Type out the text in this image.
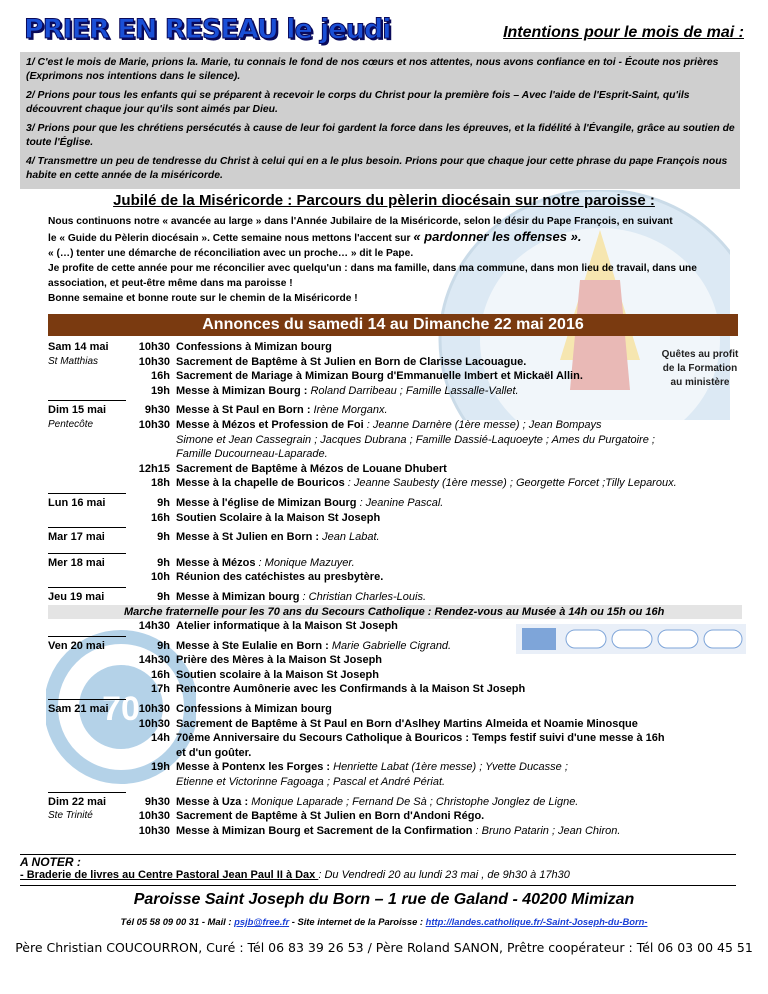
70
PRIER EN RESEAU le jeudi	Intentions pour le mois de mai :

1/ C'est le mois de Marie, prions la. Marie, tu connais le fond de nos cœurs et nos attentes, nous avons confiance en toi - Écoute nos prières (Exprimons nos intentions dans le silence).

2/ Prions pour tous les enfants qui se préparent à recevoir le corps du Christ pour la première fois – Avec l'aide de l'Esprit-Saint, qu'ils découvrent chaque jour qu'ils sont aimés par Dieu.

3/ Prions pour que les chrétiens persécutés à cause de leur foi gardent la force dans les épreuves, et la fidélité à l'Évangile, grâce au soutien de toute l'Église.

4/ Transmettre un peu de tendresse du Christ à celui qui en a le plus besoin. Prions pour que chaque jour cette phrase du pape François nous habite en cette année de la miséricorde.

Jubilé de la Miséricorde : Parcours du pèlerin diocésain sur notre paroisse :

Nous continuons notre « avancée au large » dans l'Année Jubilaire de la Miséricorde, selon le désir du Pape François, en suivant

le « Guide du Pèlerin diocésain ». Cette semaine nous mettons l'accent sur « pardonner les offenses ».

« (…) tenter une démarche de réconciliation avec un proche… » dit le Pape.

Je profite de cette année pour me réconcilier avec quelqu'un : dans ma famille, dans ma commune, dans mon lieu de travail, dans une association, et peut-être même dans ma paroisse !

Bonne semaine et bonne route sur le chemin de la Miséricorde !

Annonces du samedi 14 au Dimanche 22 mai 2016
Quêtes au profit de la Formation au ministère
Sam 14 mai	10h30 Confessions à Mimizan bourg
St Matthias	10h30 Sacrement de Baptême à St Julien en Born de Clarisse Lacouague.
16h Sacrement de Mariage à Mimizan Bourg d'Emmanuelle Imbert et Mickaël Allin.
19h Messe à Mimizan Bourg : Roland Darribeau ; Famille Lassalle-Vallet.
Dim 15 mai	9h30 Messe à St Paul en Born : Irène Morganx.
Pentecôte	10h30 Messe à Mézos et Profession de Foi : Jeanne Darnère (1ère messe) ; Jean Bompays
Simone et Jean Cassegrain ; Jacques Dubrana ; Famille Dassié-Laquoeyte ; Ames du Purgatoire ;
Famille Ducourneau-Laparade.
12h15 Sacrement de Baptême à Mézos de Louane Dhubert
18h Messe à la chapelle de Bouricos : Jeanne Saubesty (1ère messe) ; Georgette Forcet ;Tilly Leparoux.
Lun 16 mai	9h Messe à l'église de Mimizan Bourg : Jeanine Pascal.
16h Soutien Scolaire à la Maison St Joseph
Mar 17 mai	9h Messe à St Julien en Born : Jean Labat.
Mer 18 mai	9h Messe à Mézos : Monique Mazuyer.
10h Réunion des catéchistes au presbytère.
Jeu 19 mai	9h Messe à Mimizan bourg : Christian Charles-Louis.
Marche fraternelle pour les 70 ans du Secours Catholique : Rendez-vous au Musée à 14h ou 15h ou 16h
14h30 Atelier informatique à la Maison St Joseph
Ven 20 mai	9h Messe à Ste Eulalie en Born : Marie Gabrielle Cigrand.
14h30 Prière des Mères à la Maison St Joseph
16h Soutien scolaire à la Maison St Joseph
17h Rencontre Aumônerie avec les Confirmands à la Maison St Joseph
Sam 21 mai	10h30 Confessions à Mimizan bourg
10h30 Sacrement de Baptême à St Paul en Born d'Aslhey Martins Almeida et Noamie Minosque
14h 70ème Anniversaire du Secours Catholique à Bouricos : Temps festif suivi d'une messe à 16h
et d'un goûter.
19h Messe à Pontenx les Forges : Henriette Labat (1ère messe) ; Yvette Ducasse ;
Etienne et Victorinne Fagoaga ; Pascal et André Périat.
Dim 22 mai	9h30 Messe à Uza : Monique Laparade ; Fernand De Sà ; Christophe Jonglez de Ligne.
Ste Trinité	10h30 Sacrement de Baptême à St Julien en Born d'Andoni Régo.
10h30 Messe à Mimizan Bourg et Sacrement de la Confirmation : Bruno Patarin ; Jean Chiron.
A NOTER :
- Braderie de livres au Centre Pastoral Jean Paul II à Dax : Du Vendredi 20 au lundi 23 mai , de 9h30 à 17h30
Paroisse Saint Joseph du Born – 1 rue de Galand - 40200 Mimizan
Tél 05 58 09 00 31 - Mail : psjb@free.fr - Site internet de la Paroisse : http://landes.catholique.fr/-Saint-Joseph-du-Born-
Père Christian COUCOURRON, Curé : Tél 06 83 39 26 53 / Père Roland SANON, Prêtre coopérateur : Tél 06 03 00 45 51
